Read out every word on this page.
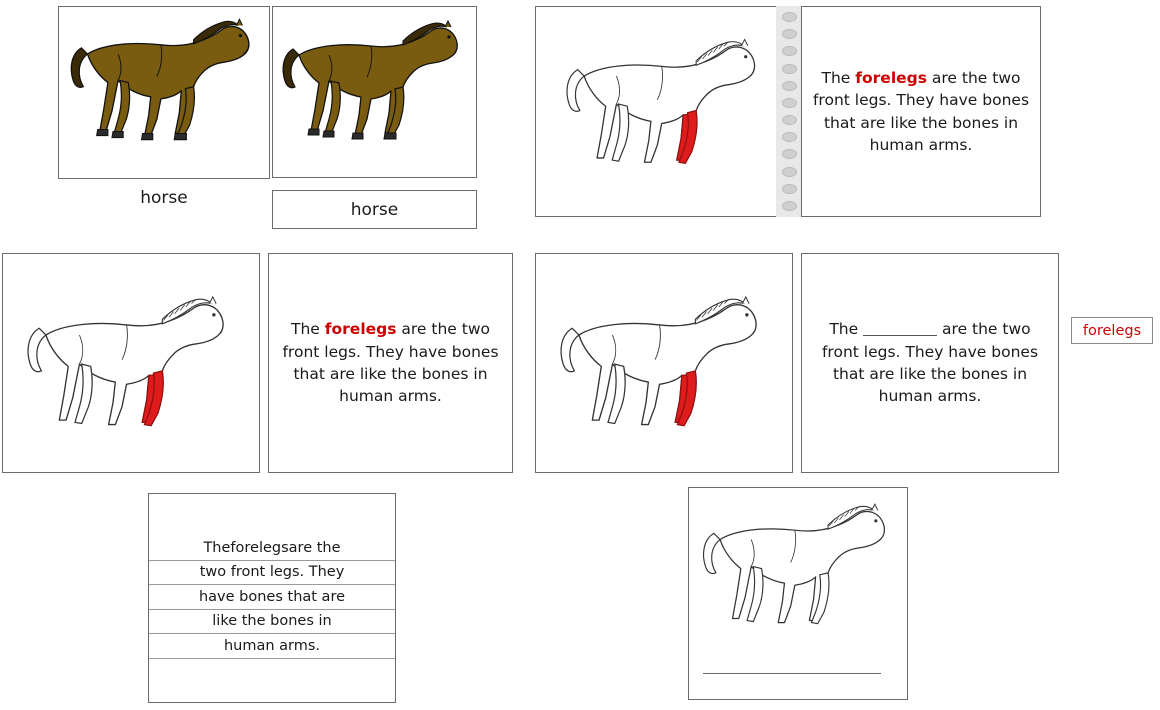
horse
horse
The forelegs are the two front legs. They have bones that are like the bones in human arms.
The forelegs are the two front legs. They have bones that are like the bones in human arms.
The	are the two front legs. They have bones that are like the bones in human arms.
forelegs
The forelegs are the
two front legs. They
have bones that are
like the bones in
human arms.
